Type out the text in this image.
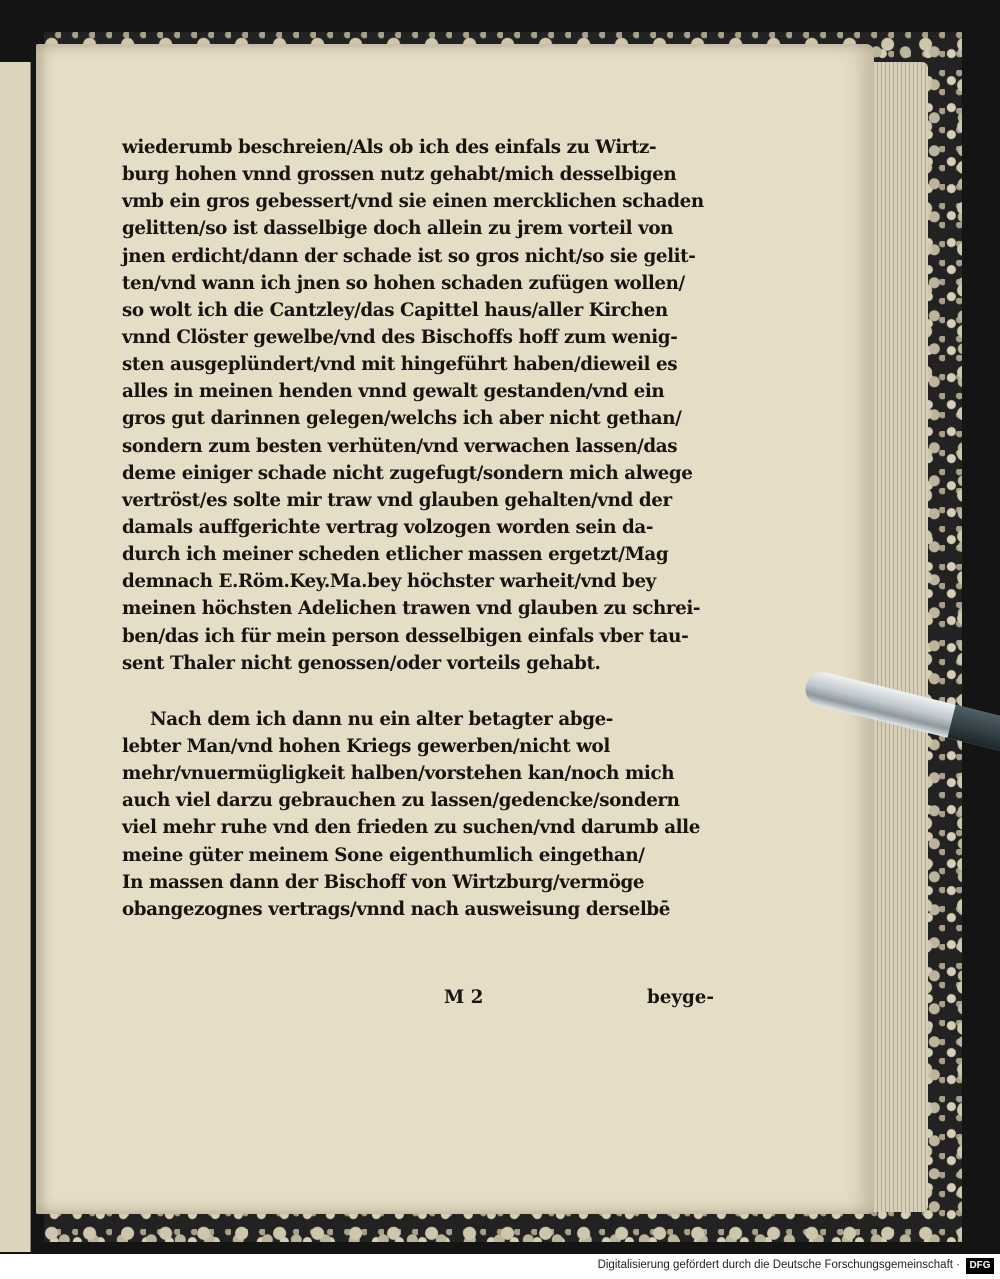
wiederumb beschreien/Als ob ich des einfals zu Wirtz-
burg hohen vnnd grossen nutz gehabt/mich desselbigen
vmb ein gros gebessert/vnd sie einen mercklichen schaden
gelitten/so ist dasselbige doch allein zu jrem vorteil von
jnen erdicht/dann der schade ist so gros nicht/so sie gelit-
ten/vnd wann ich jnen so hohen schaden zufügen wollen/
so wolt ich die Cantzley/das Capittel haus/aller Kirchen
vnnd Clöster gewelbe/vnd des Bischoffs hoff zum wenig-
sten ausgeplündert/vnd mit hingeführt haben/dieweil es
alles in meinen henden vnnd gewalt gestanden/vnd ein
gros gut darinnen gelegen/welchs ich aber nicht gethan/
sondern zum besten verhüten/vnd verwachen lassen/das
deme einiger schade nicht zugefugt/sondern mich alwege
vertröst/es solte mir traw vnd glauben gehalten/vnd der
damals auffgerichte vertrag volzogen worden sein da-
durch ich meiner scheden etlicher massen ergetzt/Mag
demnach E.Röm.Key.Ma.bey höchster warheit/vnd bey
meinen höchsten Adelichen trawen vnd glauben zu schrei-
ben/das ich für mein person desselbigen einfals vber tau-
sent Thaler nicht genossen/oder vorteils gehabt.
Nach dem ich dann nu ein alter betagter abge-
lebter Man/vnd hohen Kriegs gewerben/nicht wol
mehr/vnuermügligkeit halben/vorstehen kan/noch mich
auch viel darzu gebrauchen zu lassen/gedencke/sondern
viel mehr ruhe vnd den frieden zu suchen/vnd darumb alle
meine güter meinem Sone eigenthumlich eingethan/
In massen dann der Bischoff von Wirtzburg/vermöge
obangezognes vertrags/vnnd nach ausweisung derselbē
M 2	beyge-
Digitalisierung gefördert durch die Deutsche Forschungsgemeinschaft · DFG
